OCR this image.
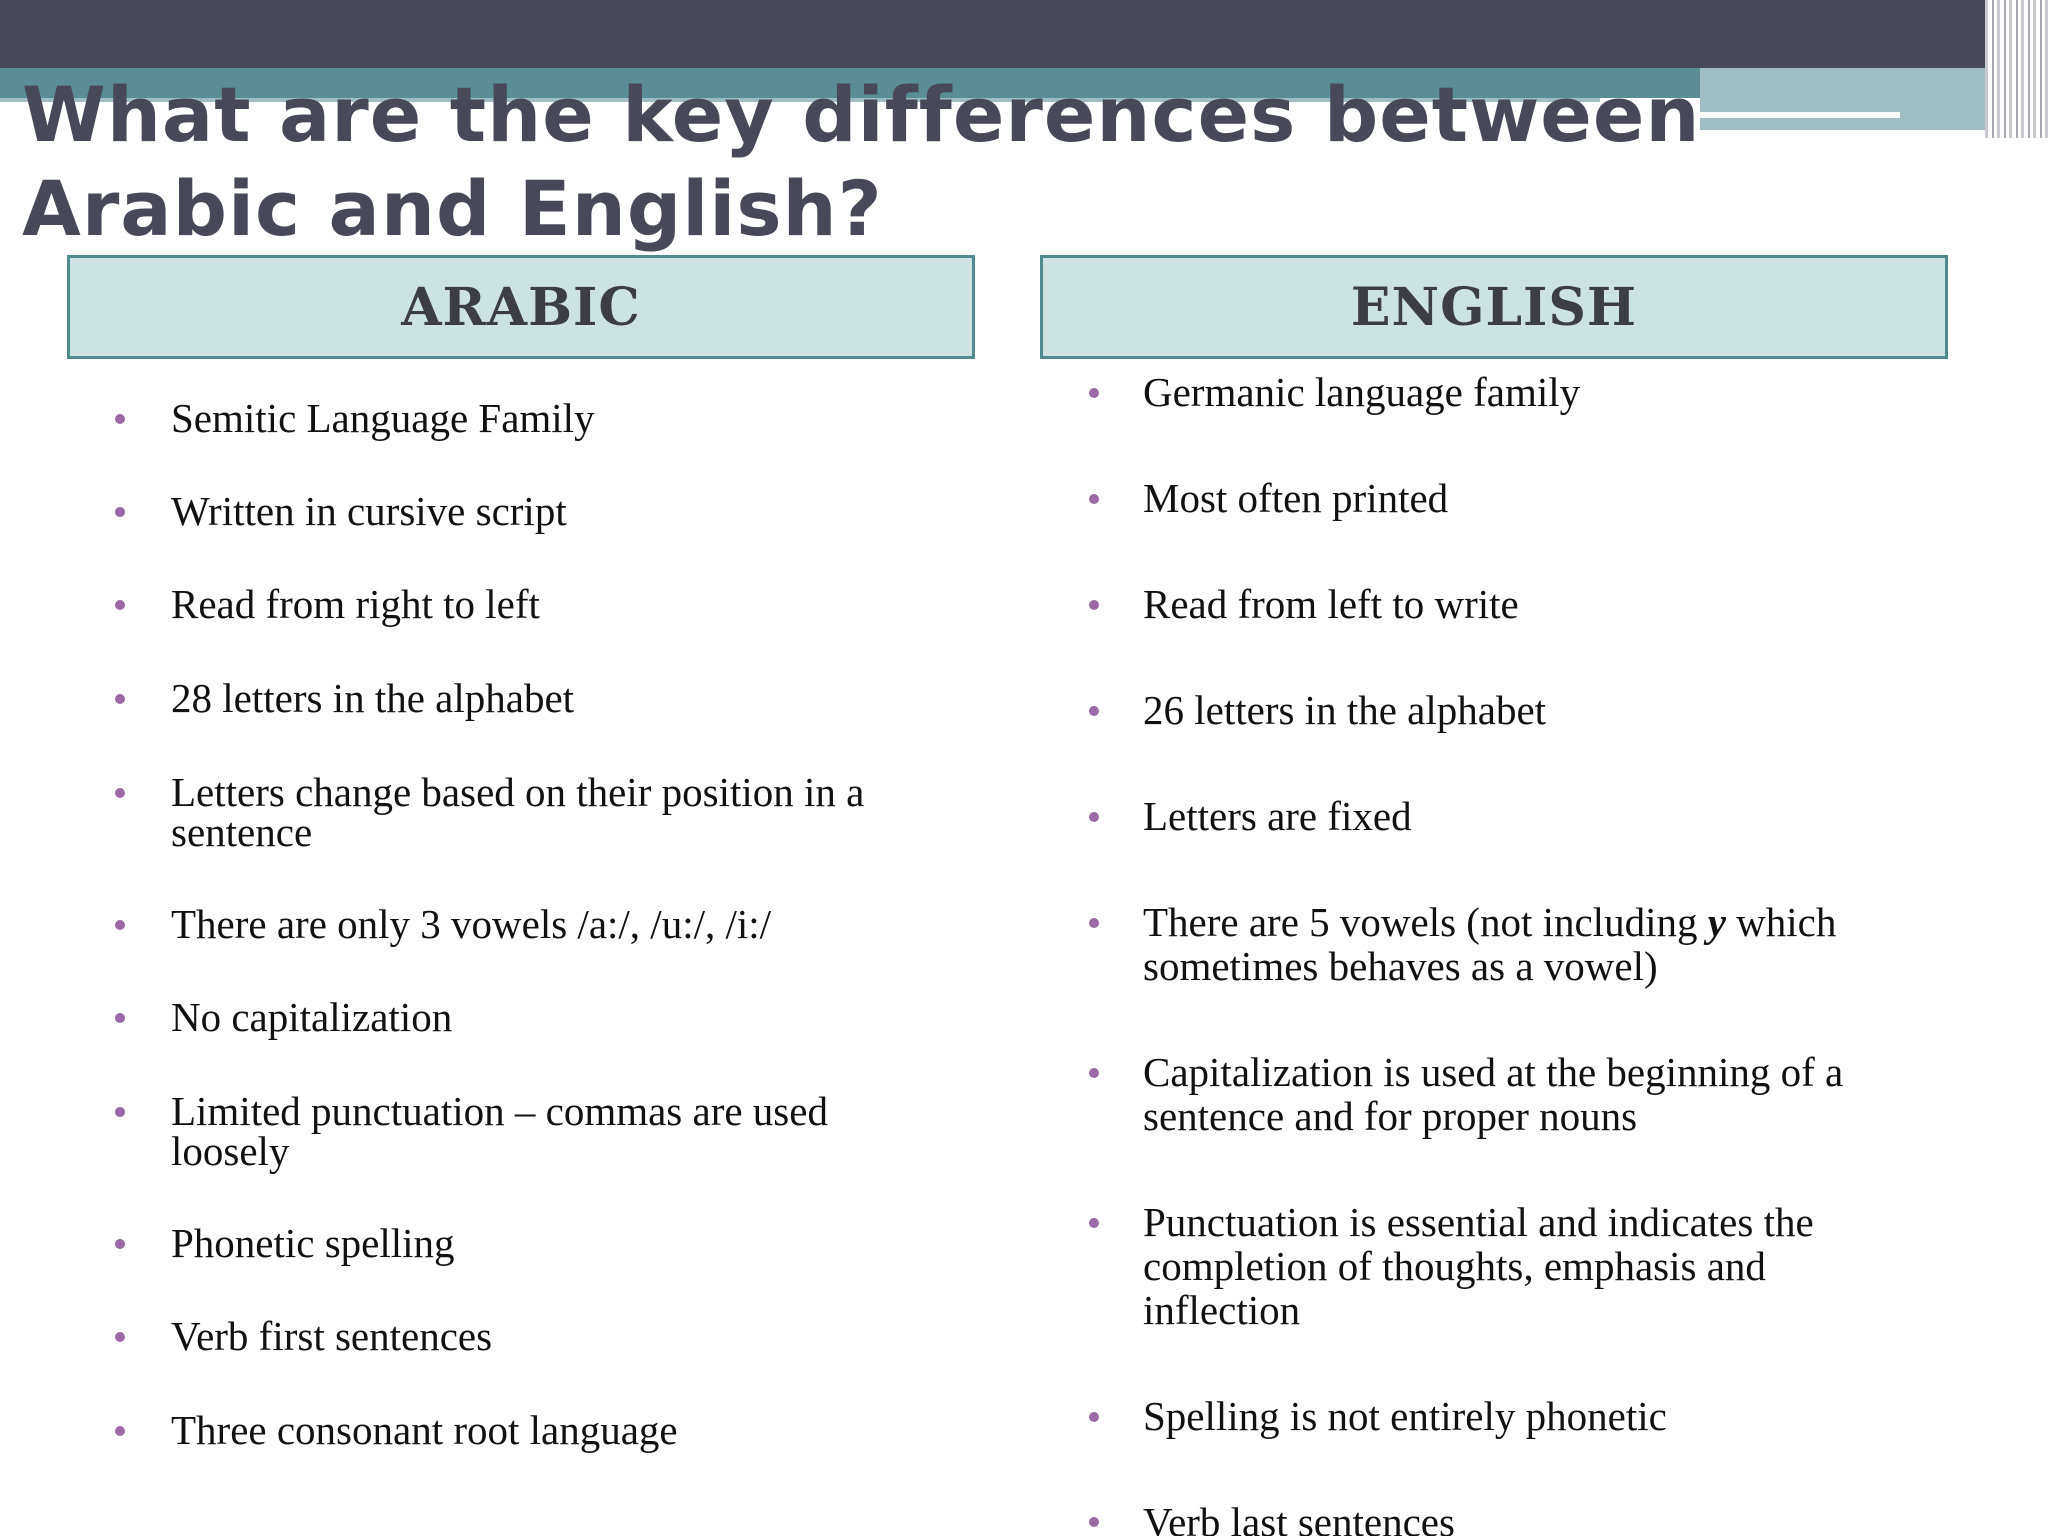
What are the key differences between Arabic and English?
ARABIC	ENGLISH
Semitic Language Family
Written in cursive script
Read from right to left
28 letters in the alphabet
Letters change based on their position in a sentence
There are only 3 vowels /a:/, /u:/, /i:/
No capitalization
Limited punctuation – commas are used loosely
Phonetic spelling
Verb first sentences
Three consonant root language
Germanic language family
Most often printed
Read from left to write
26 letters in the alphabet
Letters are fixed
There are 5 vowels (not including y which sometimes behaves as a vowel)
Capitalization is used at the beginning of a sentence and for proper nouns
Punctuation is essential and indicates the completion of thoughts, emphasis and inflection
Spelling is not entirely phonetic
Verb last sentences
